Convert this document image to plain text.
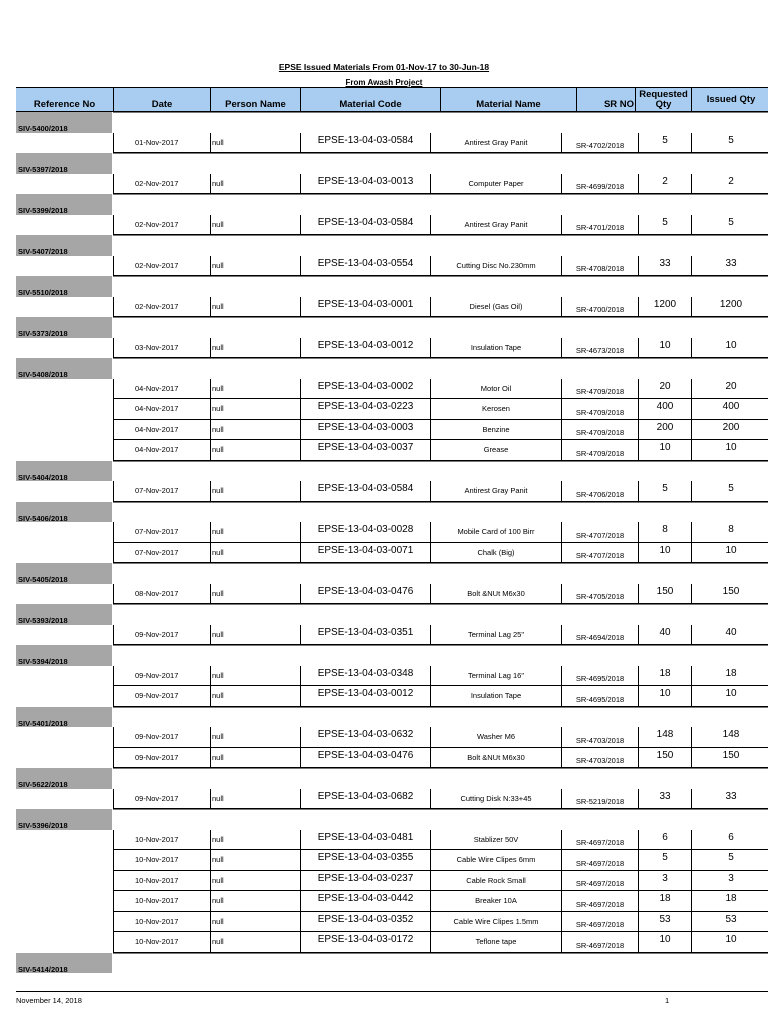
EPSE Issued Materials From 01-Nov-17 to 30-Jun-18
From Awash Project
Reference No	Date	Person Name	Material Code	Material Name	SR NO
Requested Qty	Issued Qty
SIV-5400/2018
01-Nov-2017	null	EPSE-13-04-03-0584	Antirest Gray Panit	SR-4702/2018	5	5
SIV-5397/2018
02-Nov-2017	null	EPSE-13-04-03-0013	Computer Paper	SR-4699/2018	2	2
SIV-5399/2018
02-Nov-2017	null	EPSE-13-04-03-0584	Antirest Gray Panit	SR-4701/2018	5	5
SIV-5407/2018
02-Nov-2017	null	EPSE-13-04-03-0554	Cutting Disc No.230mm	SR-4708/2018	33	33
SIV-5510/2018
02-Nov-2017	null	EPSE-13-04-03-0001	Diesel (Gas Oil)	SR-4700/2018	1200	1200
SIV-5373/2018
03-Nov-2017	null	EPSE-13-04-03-0012	Insulation Tape	SR-4673/2018	10	10
SIV-5408/2018
04-Nov-2017	null	EPSE-13-04-03-0002	Motor Oil	SR-4709/2018	20	20
04-Nov-2017	null	EPSE-13-04-03-0223	Kerosen	SR-4709/2018	400	400
04-Nov-2017	null	EPSE-13-04-03-0003	Benzine	SR-4709/2018	200	200
04-Nov-2017	null	EPSE-13-04-03-0037	Grease	SR-4709/2018	10	10
SIV-5404/2018
07-Nov-2017	null	EPSE-13-04-03-0584	Antirest Gray Panit	SR-4706/2018	5	5
SIV-5406/2018
07-Nov-2017	null	EPSE-13-04-03-0028	Mobile Card of 100 Birr	SR-4707/2018	8	8
07-Nov-2017	null	EPSE-13-04-03-0071	Chalk (Big)	SR-4707/2018	10	10
SIV-5405/2018
08-Nov-2017	null	EPSE-13-04-03-0476	Bolt &NUt M6x30	SR-4705/2018	150	150
SIV-5393/2018
09-Nov-2017	null	EPSE-13-04-03-0351	Terminal Lag 25"	SR-4694/2018	40	40
SIV-5394/2018
09-Nov-2017	null	EPSE-13-04-03-0348	Terminal Lag 16"	SR-4695/2018	18	18
09-Nov-2017	null	EPSE-13-04-03-0012	Insulation Tape	SR-4695/2018	10	10
SIV-5401/2018
09-Nov-2017	null	EPSE-13-04-03-0632	Washer M6	SR-4703/2018	148	148
09-Nov-2017	null	EPSE-13-04-03-0476	Bolt &NUt M6x30	SR-4703/2018	150	150
SIV-5622/2018
09-Nov-2017	null	EPSE-13-04-03-0682	Cutting Disk N:33+45	SR-5219/2018	33	33
SIV-5396/2018
10-Nov-2017	null	EPSE-13-04-03-0481	Stablizer 50V	SR-4697/2018	6	6
10-Nov-2017	null	EPSE-13-04-03-0355	Cable Wire Clipes 6mm	SR-4697/2018	5	5
10-Nov-2017	null	EPSE-13-04-03-0237	Cable Rock Small	SR-4697/2018	3	3
10-Nov-2017	null	EPSE-13-04-03-0442	Breaker 10A	SR-4697/2018	18	18
10-Nov-2017	null	EPSE-13-04-03-0352	Cable Wire Clipes 1.5mm	SR-4697/2018	53	53
10-Nov-2017	null	EPSE-13-04-03-0172	Teflone tape	SR-4697/2018	10	10
SIV-5414/2018
November 14, 2018	1
